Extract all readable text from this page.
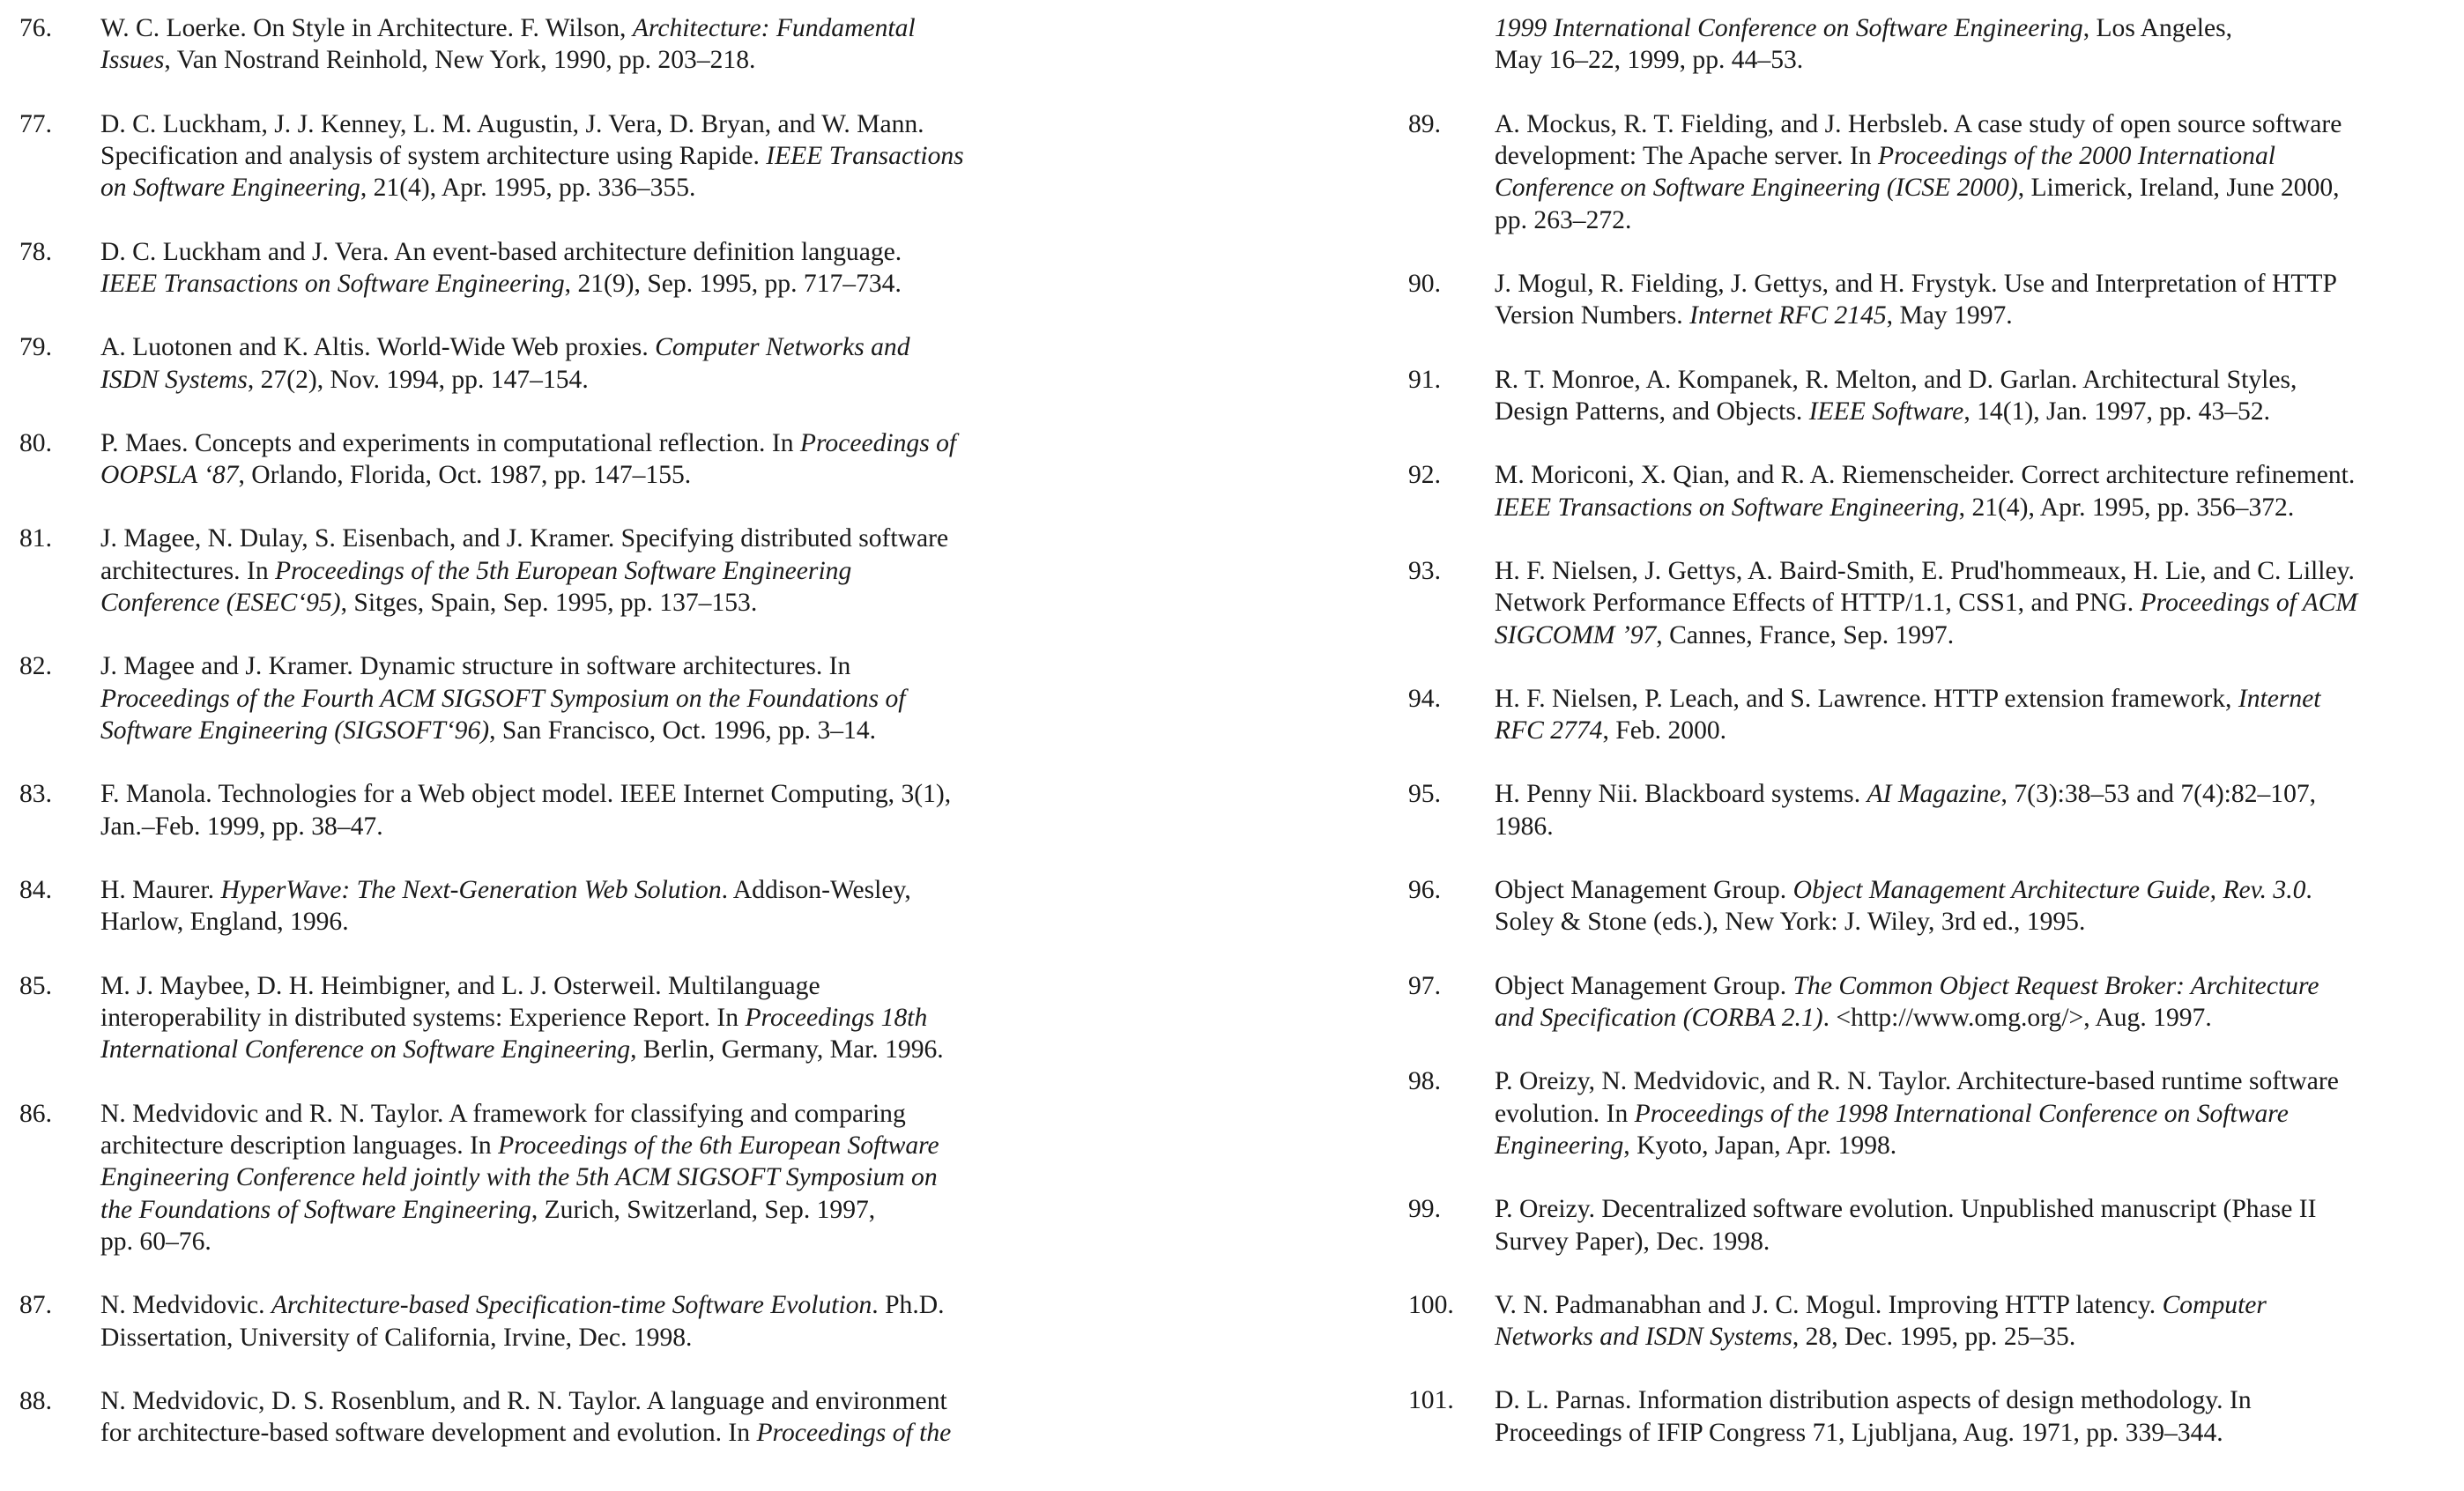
76. W. C. Loerke. On Style in Architecture. F. Wilson, Architecture: Fundamental
Issues, Van Nostrand Reinhold, New York, 1990, pp. 203–218.
77. D. C. Luckham, J. J. Kenney, L. M. Augustin, J. Vera, D. Bryan, and W. Mann.
Specification and analysis of system architecture using Rapide. IEEE Transactions
on Software Engineering, 21(4), Apr. 1995, pp. 336–355.
78. D. C. Luckham and J. Vera. An event-based architecture definition language.
IEEE Transactions on Software Engineering, 21(9), Sep. 1995, pp. 717–734.
79. A. Luotonen and K. Altis. World-Wide Web proxies. Computer Networks and
ISDN Systems, 27(2), Nov. 1994, pp. 147–154.
80. P. Maes. Concepts and experiments in computational reflection. In Proceedings of
OOPSLA ‘87, Orlando, Florida, Oct. 1987, pp. 147–155.
81. J. Magee, N. Dulay, S. Eisenbach, and J. Kramer. Specifying distributed software
architectures. In Proceedings of the 5th European Software Engineering
Conference (ESEC‘95), Sitges, Spain, Sep. 1995, pp. 137–153.
82. J. Magee and J. Kramer. Dynamic structure in software architectures. In
Proceedings of the Fourth ACM SIGSOFT Symposium on the Foundations of
Software Engineering (SIGSOFT‘96), San Francisco, Oct. 1996, pp. 3–14.
83. F. Manola. Technologies for a Web object model. IEEE Internet Computing, 3(1),
Jan.–Feb. 1999, pp. 38–47.
84. H. Maurer. HyperWave: The Next-Generation Web Solution. Addison-Wesley,
Harlow, England, 1996.
85. M. J. Maybee, D. H. Heimbigner, and L. J. Osterweil. Multilanguage
interoperability in distributed systems: Experience Report. In Proceedings 18th
International Conference on Software Engineering, Berlin, Germany, Mar. 1996.
86. N. Medvidovic and R. N. Taylor. A framework for classifying and comparing
architecture description languages. In Proceedings of the 6th European Software
Engineering Conference held jointly with the 5th ACM SIGSOFT Symposium on
the Foundations of Software Engineering, Zurich, Switzerland, Sep. 1997,
pp. 60–76.
87. N. Medvidovic. Architecture-based Specification-time Software Evolution. Ph.D.
Dissertation, University of California, Irvine, Dec. 1998.
88. N. Medvidovic, D. S. Rosenblum, and R. N. Taylor. A language and environment
for architecture-based software development and evolution. In Proceedings of the
1999 International Conference on Software Engineering, Los Angeles,
May 16–22, 1999, pp. 44–53.
89. A. Mockus, R. T. Fielding, and J. Herbsleb. A case study of open source software
development: The Apache server. In Proceedings of the 2000 International
Conference on Software Engineering (ICSE 2000), Limerick, Ireland, June 2000,
pp. 263–272.
90. J. Mogul, R. Fielding, J. Gettys, and H. Frystyk. Use and Interpretation of HTTP
Version Numbers. Internet RFC 2145, May 1997.
91. R. T. Monroe, A. Kompanek, R. Melton, and D. Garlan. Architectural Styles,
Design Patterns, and Objects. IEEE Software, 14(1), Jan. 1997, pp. 43–52.
92. M. Moriconi, X. Qian, and R. A. Riemenscheider. Correct architecture refinement.
IEEE Transactions on Software Engineering, 21(4), Apr. 1995, pp. 356–372.
93. H. F. Nielsen, J. Gettys, A. Baird-Smith, E. Prud'hommeaux, H. Lie, and C. Lilley.
Network Performance Effects of HTTP/1.1, CSS1, and PNG. Proceedings of ACM
SIGCOMM ’97, Cannes, France, Sep. 1997.
94. H. F. Nielsen, P. Leach, and S. Lawrence. HTTP extension framework, Internet
RFC 2774, Feb. 2000.
95. H. Penny Nii. Blackboard systems. AI Magazine, 7(3):38–53 and 7(4):82–107,
1986.
96. Object Management Group. Object Management Architecture Guide, Rev. 3.0.
Soley & Stone (eds.), New York: J. Wiley, 3rd ed., 1995.
97. Object Management Group. The Common Object Request Broker: Architecture
and Specification (CORBA 2.1). <http://www.omg.org/>, Aug. 1997.
98. P. Oreizy, N. Medvidovic, and R. N. Taylor. Architecture-based runtime software
evolution. In Proceedings of the 1998 International Conference on Software
Engineering, Kyoto, Japan, Apr. 1998.
99. P. Oreizy. Decentralized software evolution. Unpublished manuscript (Phase II
Survey Paper), Dec. 1998.
100. V. N. Padmanabhan and J. C. Mogul. Improving HTTP latency. Computer
Networks and ISDN Systems, 28, Dec. 1995, pp. 25–35.
101. D. L. Parnas. Information distribution aspects of design methodology. In
Proceedings of IFIP Congress 71, Ljubljana, Aug. 1971, pp. 339–344.
